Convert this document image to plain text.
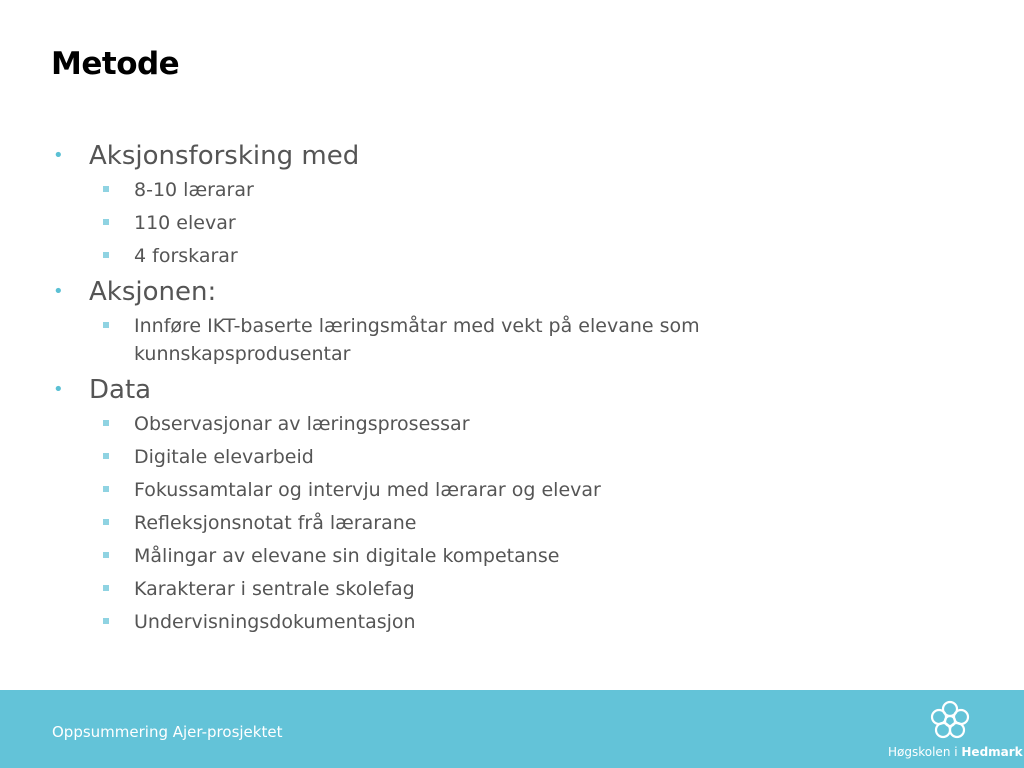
Metode
• Aksjonsforsking med
8-10 lærarar
110 elevar
4 forskarar
• Aksjonen:
Innføre IKT-baserte læringsmåtar med vekt på elevane som kunnskapsprodusentar
• Data
Observasjonar av læringsprosessar
Digitale elevarbeid
Fokussamtalar og intervju med lærarar og elevar
Refleksjonsnotat frå lærarane
Målingar av elevane sin digitale kompetanse
Karakterar i sentrale skolefag
Undervisningsdokumentasjon
Oppsummering Ajer-prosjektet
Høgskolen i Hedmark
